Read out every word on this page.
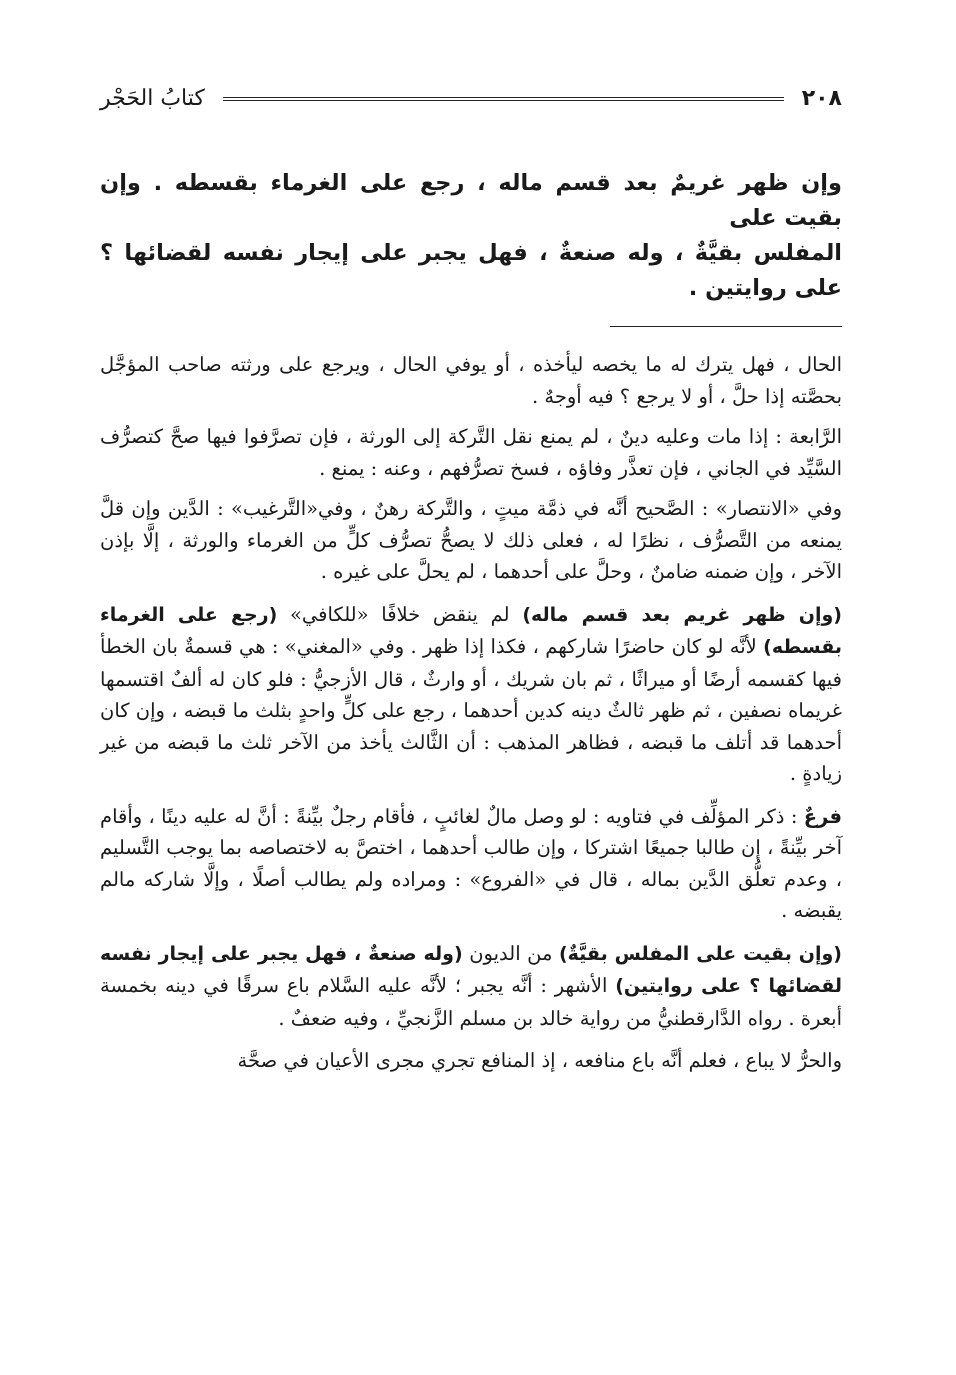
كتابُ الحَجْر	٢٠٨

وإن ظهر غريمٌ بعد قسم ماله ، رجع على الغرماء بقسطه . وإن بقيت على

المفلس بقيَّةٌ ، وله صنعةٌ ، فهل يجبر على إيجار نفسه لقضائها ؟ على روايتين .

الحال ، فهل يترك له ما يخصه ليأخذه ، أو يوفي الحال ، ويرجع على ورثته صاحب المؤجَّل بحصَّته إذا حلَّ ، أو لا يرجع ؟ فيه أوجهٌ .

الرَّابعة : إذا مات وعليه دينٌ ، لم يمنع نقل التَّركة إلى الورثة ، فإن تصرَّفوا فيها صحَّ كتصرُّف السَّيِّد في الجاني ، فإن تعذَّر وفاؤه ، فسخ تصرُّفهم ، وعنه : يمنع .

وفي «الانتصار» : الصَّحيح أنَّه في ذمَّة ميتٍ ، والتَّركة رهنٌ ، وفي«التَّرغيب» : الدَّين وإن قلَّ يمنعه من التَّصرُّف ، نظرًا له ، فعلى ذلك لا يصحُّ تصرُّف كلٍّ من الغرماء والورثة ، إلَّا بإذن الآخر ، وإن ضمنه ضامنٌ ، وحلَّ على أحدهما ، لم يحلَّ على غيره .

(وإن ظهر غريم بعد قسم ماله) لم ينقض خلافًا «للكافي» (رجع على الغرماء بقسطه) لأنَّه لو كان حاضرًا شاركهم ، فكذا إذا ظهر . وفي «المغني» : هي قسمةٌ بان الخطأ فيها كقسمه أرضًا أو ميراثًا ، ثم بان شريك ، أو وارثٌ ، قال الأزجيُّ : فلو كان له ألفٌ اقتسمها غريماه نصفين ، ثم ظهر ثالثٌ دينه كدين أحدهما ، رجع على كلٍّ واحدٍ بثلث ما قبضه ، وإن كان أحدهما قد أتلف ما قبضه ، فظاهر المذهب : أن الثَّالث يأخذ من الآخر ثلث ما قبضه من غير زيادةٍ .

فرعٌ : ذكر المؤلِّف في فتاويه : لو وصل مالٌ لغائبٍ ، فأقام رجلٌ بيِّنةً : أنَّ له عليه دينًا ، وأقام آخر بيِّنةً ، إن طالبا جميعًا اشتركا ، وإن طالب أحدهما ، اختصَّ به لاختصاصه بما يوجب التَّسليم ، وعدم تعلُّق الدَّين بماله ، قال في «الفروع» : ومراده ولم يطالب أصلًا ، وإلَّا شاركه مالم يقبضه .

(وإن بقيت على المفلس بقيَّةٌ) من الديون (وله صنعةٌ ، فهل يجبر على إيجار نفسه لقضائها ؟ على روايتين) الأشهر : أنَّه يجبر ؛ لأنَّه عليه السَّلام باع سرقًا في دينه بخمسة أبعرة . رواه الدَّارقطنيُّ من رواية خالد بن مسلم الزَّنجيِّ ، وفيه ضعفٌ .

والحرُّ لا يباع ، فعلم أنَّه باع منافعه ، إذ المنافع تجري مجرى الأعيان في صحَّة
